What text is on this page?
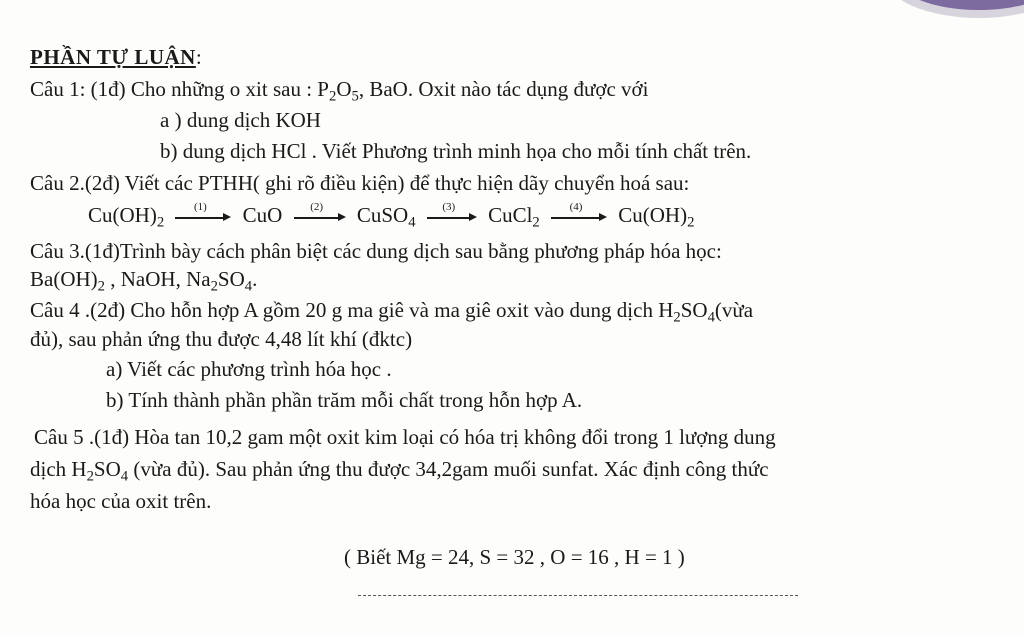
PHẦN TỰ LUẬN:
Câu 1: (1đ) Cho những o xit sau : $P_2O_5$, BaO. Oxit nào tác dụng được với
a ) dung dịch KOH
b) dung dịch HCl . Viết Phương trình minh họa cho mỗi tính chất trên.
Câu 2.(2đ) Viết các PTHH( ghi rõ điều kiện) để thực hiện dãy chuyển hoá sau:
$Cu(OH)_2$
(1)	CuO	(2)	CuSO$_4$
(3)	CuCl$_2$
(4)	$Cu(OH)_2$
Câu 3.(1đ)Trình bày cách phân biệt các dung dịch sau bằng phương pháp hóa học:
$Ba(OH)_2$ , NaOH, $Na_2SO_4$.
Câu 4 .(2đ) Cho hỗn hợp A gồm 20 g ma giê và ma giê oxit vào dung dịch $H_2SO_4(vừa$
đủ), sau phản ứng thu được 4,48 lít khí (đktc)
a) Viết các phương trình hóa học .
b) Tính thành phần phần trăm mỗi chất trong hỗn hợp A.
Câu 5 .(1đ) Hòa tan 10,2 gam một oxit kim loại có hóa trị không đổi trong 1 lượng dung
dịch $H_2SO_4$ (vừa đủ). Sau phản ứng thu được 34,2gam muối sunfat. Xác định công thức
hóa học của oxit trên.
( Biết Mg = 24, S = 32 , O = 16 , H = 1 )
